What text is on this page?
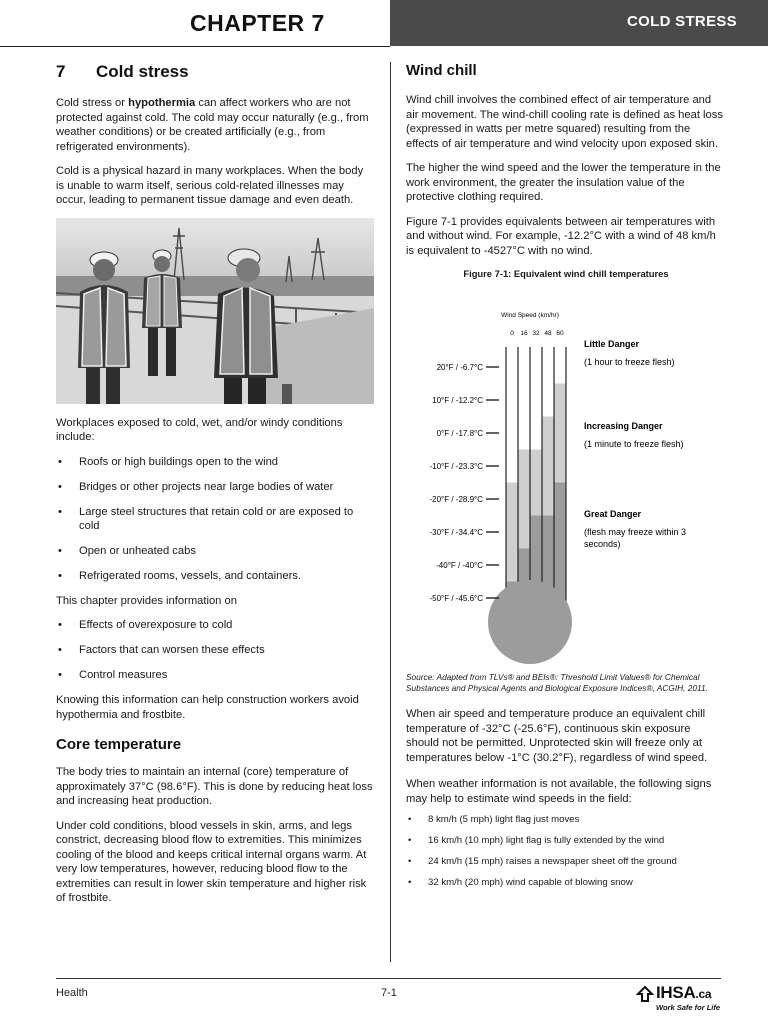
CHAPTER 7	COLD STRESS
7 Cold stress

Cold stress or hypothermia can affect workers who are not protected against cold. The cold may occur naturally (e.g., from weather conditions) or be created artificially (e.g., from refrigerated environments).

Cold is a physical hazard in many workplaces. When the body is unable to warm itself, serious cold-related illnesses may occur, leading to permanent tissue damage and even death.

Workplaces exposed to cold, wet, and/or windy conditions include:

• Roofs or high buildings open to the wind
• Bridges or other projects near large bodies of water
• Large steel structures that retain cold or are exposed to cold
• Open or unheated cabs
• Refrigerated rooms, vessels, and containers.

This chapter provides information on

• Effects of overexposure to cold
• Factors that can worsen these effects
• Control measures

Knowing this information can help construction workers avoid hypothermia and frostbite.

Core temperature

The body tries to maintain an internal (core) temperature of approximately 37°C (98.6°F). This is done by reducing heat loss and increasing heat production.

Under cold conditions, blood vessels in skin, arms, and legs constrict, decreasing blood flow to extremities. This minimizes cooling of the blood and keeps critical internal organs warm. At very low temperatures, however, reducing blood flow to the extremities can result in lower skin temperature and higher risk of frostbite.

Wind chill

Wind chill involves the combined effect of air temperature and air movement. The wind-chill cooling rate is defined as heat loss (expressed in watts per metre squared) resulting from the effects of air temperature and wind velocity upon exposed skin.

The higher the wind speed and the lower the temperature in the work environment, the greater the insulation value of the protective clothing required.

Figure 7-1 provides equivalents between air temperatures with and without wind. For example, -12.2°C with a wind of 48 km/h is equivalent to -4527°C with no wind.

Figure 7-1: Equivalent wind chill temperatures
Wind Speed (km/hr)
0 16 32 48 60
20°F / -6.7°C
10°F / -12.2°C
0°F / -17.8°C
-10°F / -23.3°C
-20°F / -28.9°C
-30°F / -34.4°C
-40°F / -40°C
-50°F / -45.6°C
Little Danger
(1 hour to freeze flesh)
Increasing Danger
(1 minute to freeze flesh)
Great Danger
(flesh may freeze within 3
seconds)

Source: Adapted from TLVs® and BEIs®: Threshold Limit Values® for Chemical Substances and Physical Agents and Biological Exposure Indices®, ACGIH, 2011.

When air speed and temperature produce an equivalent chill temperature of -32°C (-25.6°F), continuous skin exposure should not be permitted. Unprotected skin will freeze only at temperatures below -1°C (30.2°F), regardless of wind speed.

When weather information is not available, the following signs may help to estimate wind speeds in the field:

• 8 km/h (5 mph) light flag just moves
• 16 km/h (10 mph) light flag is fully extended by the wind
• 24 km/h (15 mph) raises a newspaper sheet off the ground
• 32 km/h (20 mph) wind capable of blowing snow
Health	7-1	IHSA.ca
Work Safe for Life
